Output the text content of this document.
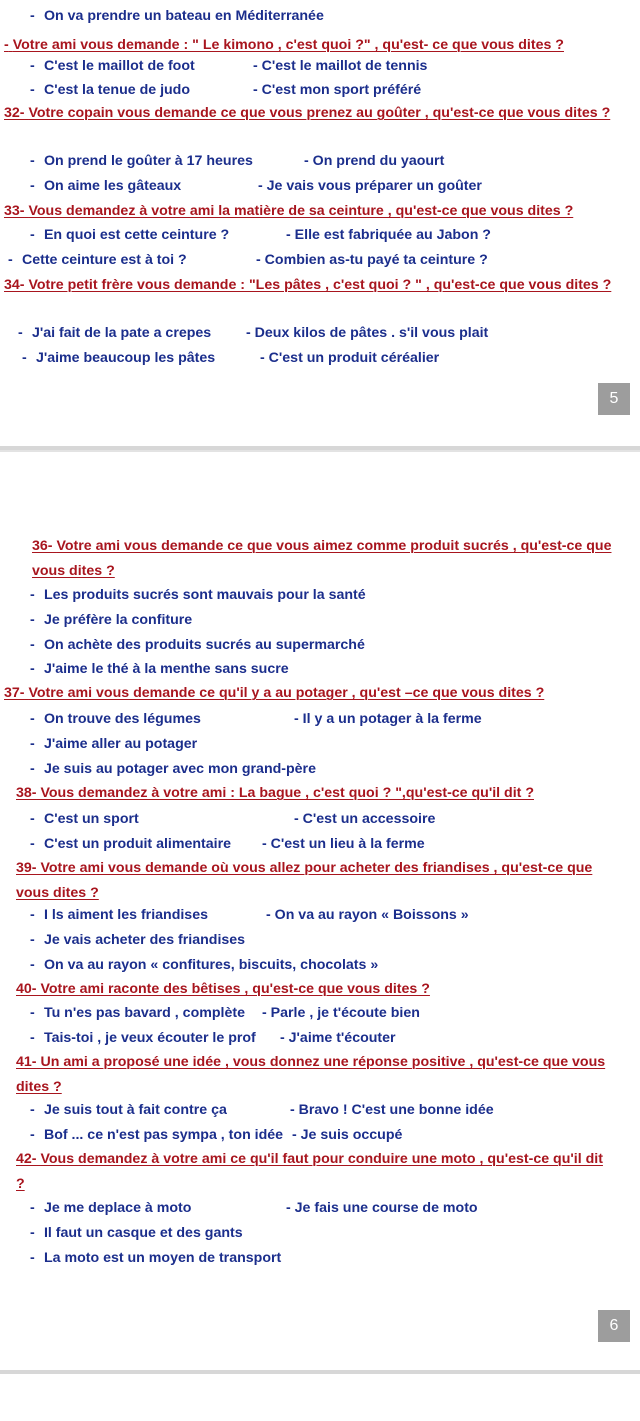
- On va prendre un bateau en Méditerranée
- Votre ami vous demande : " Le kimono , c'est quoi ?" , qu'est- ce que vous dites ?
- C'est le maillot de foot	- C'est le maillot de tennis
- C'est la tenue de judo	- C'est mon sport préféré
32- Votre copain vous demande ce que vous prenez au goûter , qu'est-ce que vous dites ?
- On prend le goûter à 17 heures	- On prend du yaourt
- On aime les gâteaux	- Je vais vous préparer un goûter
33- Vous demandez à votre ami la matière de sa ceinture , qu'est-ce que vous dites ?
- En quoi est cette ceinture ?	- Elle est fabriquée au Jabon ?
- Cette ceinture est à toi ?	- Combien as-tu payé ta ceinture ?
34- Votre petit frère vous demande : "Les pâtes , c'est quoi ? " , qu'est-ce que vous dites ?
- J'ai fait de la pate a crepes - Deux kilos de pâtes . s'il vous plait
- J'aime beaucoup les pâtes	- C'est un produit céréalier
5
36- Votre ami vous demande ce que vous aimez comme produit sucrés , qu'est-ce que vous dites ?
- Les produits sucrés sont mauvais pour la santé
- Je préfère la confiture
- On achète des produits sucrés au supermarché
- J'aime le thé à la menthe sans sucre
37- Votre ami vous demande ce qu'il y a au potager , qu'est –ce que vous dites ?
- On trouve des légumes	- Il y a un potager à la ferme
- J'aime aller au potager
- Je suis au potager avec mon grand-père
38- Vous demandez à votre ami : La bague , c'est quoi ? ",qu'est-ce qu'il dit ?
- C'est un sport	- C'est un accessoire
- C'est un produit alimentaire - C'est un lieu à la ferme
39- Votre ami vous demande où vous allez pour acheter des friandises , qu'est-ce que vous dites ?
- I ls aiment les friandises	- On va au rayon « Boissons »
- Je vais acheter des friandises
- On va au rayon « confitures, biscuits, chocolats »
40- Votre ami raconte des bêtises , qu'est-ce que vous dites ?
- Tu n'es pas bavard , complète - Parle , je t'écoute bien
- Tais-toi , je veux écouter le prof - J'aime t'écouter
41- Un ami a proposé une idée , vous donnez une réponse positive , qu'est-ce que vous dites ?
- Je suis tout à fait contre ça	- Bravo ! C'est une bonne idée
- Bof ... ce n'est pas sympa , ton idée - Je suis occupé
42- Vous demandez à votre ami ce qu'il faut pour conduire une moto , qu'est-ce qu'il dit ?
- Je me deplace à moto	- Je fais une course de moto
- Il faut un casque et des gants
- La moto est un moyen de transport
6
